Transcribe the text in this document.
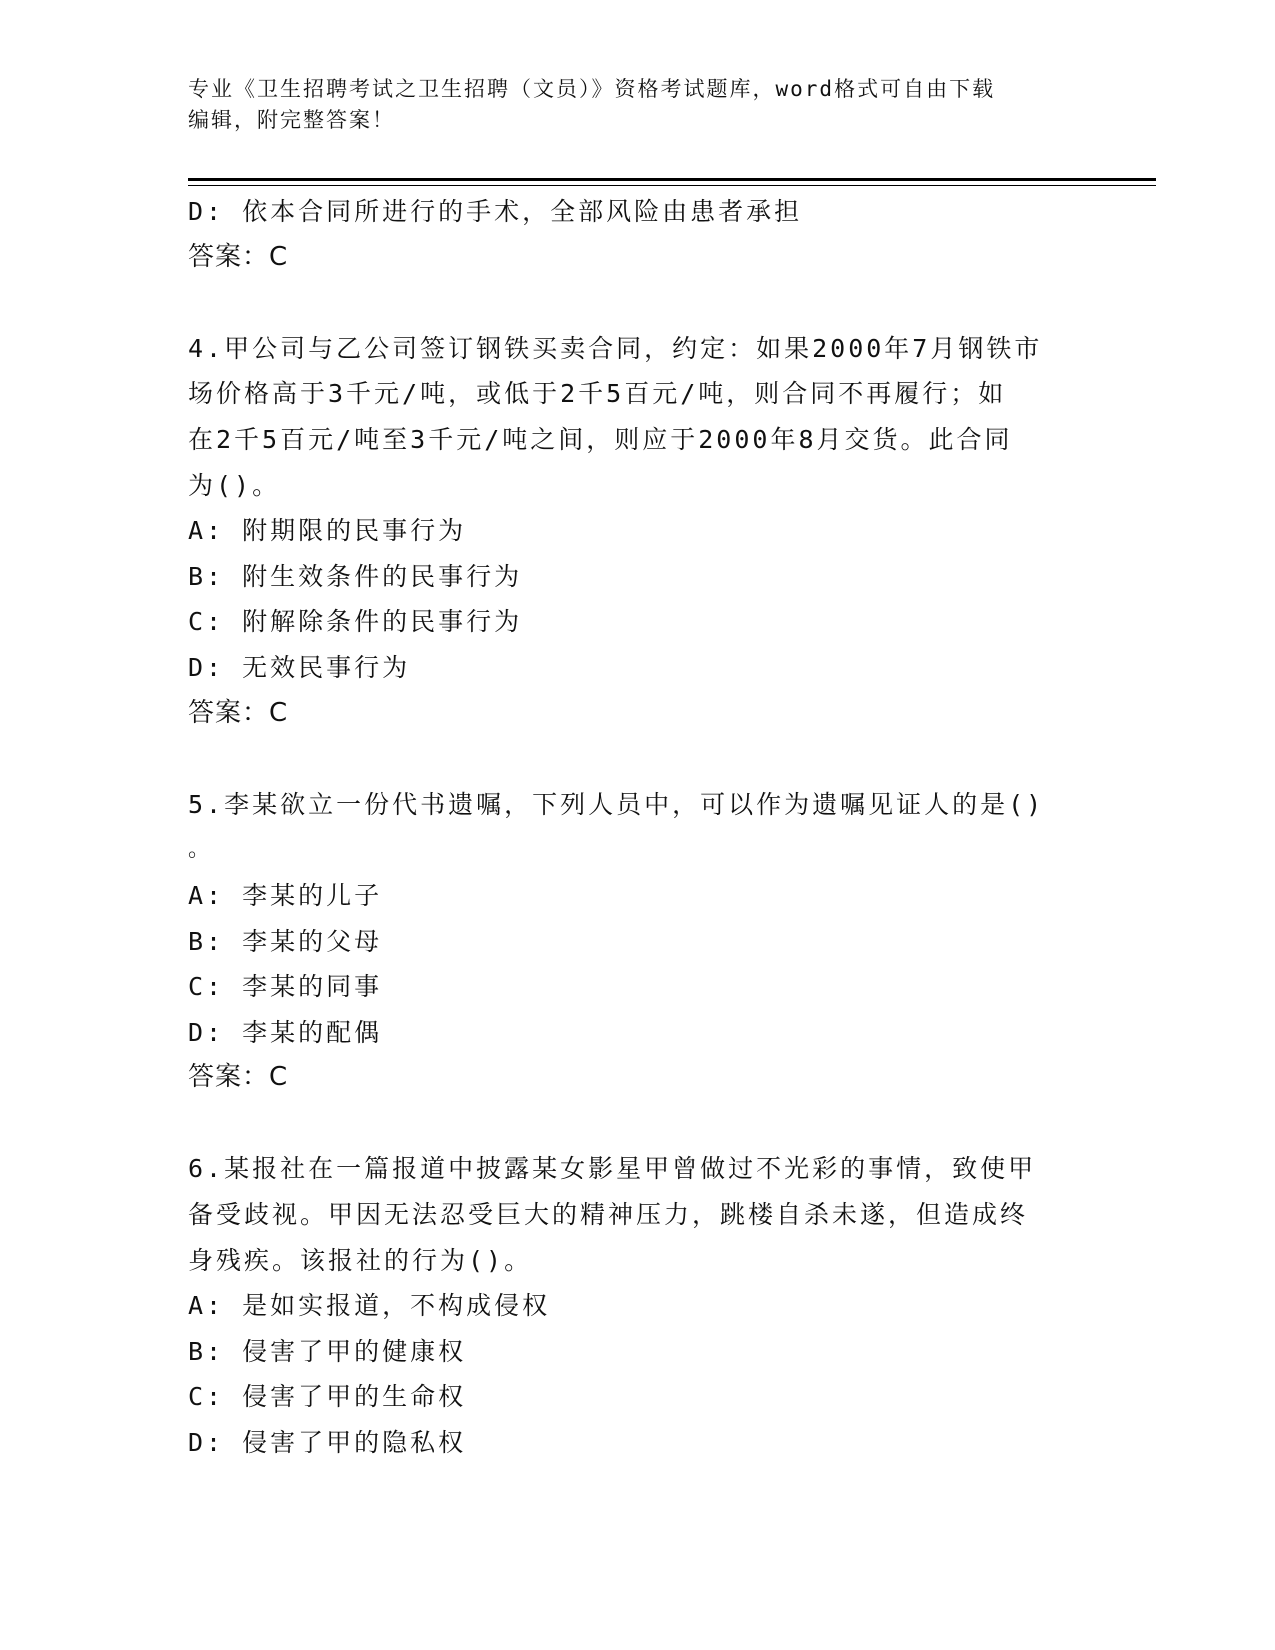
专业《卫生招聘考试之卫生招聘（文员）》资格考试题库，word格式可自由下载
编辑，附完整答案！
D: 依本合同所进行的手术，全部风险由患者承担
答案：C
4.甲公司与乙公司签订钢铁买卖合同，约定：如果2000年7月钢铁市
场价格高于3千元/吨，或低于2千5百元/吨，则合同不再履行；如
在2千5百元/吨至3千元/吨之间，则应于2000年8月交货。此合同
为()。
A: 附期限的民事行为
B: 附生效条件的民事行为
C: 附解除条件的民事行为
D: 无效民事行为
答案：C
5.李某欲立一份代书遗嘱，下列人员中，可以作为遗嘱见证人的是()
。
A: 李某的儿子
B: 李某的父母
C: 李某的同事
D: 李某的配偶
答案：C
6.某报社在一篇报道中披露某女影星甲曾做过不光彩的事情，致使甲
备受歧视。甲因无法忍受巨大的精神压力，跳楼自杀未遂，但造成终
身残疾。该报社的行为()。
A: 是如实报道，不构成侵权
B: 侵害了甲的健康权
C: 侵害了甲的生命权
D: 侵害了甲的隐私权
